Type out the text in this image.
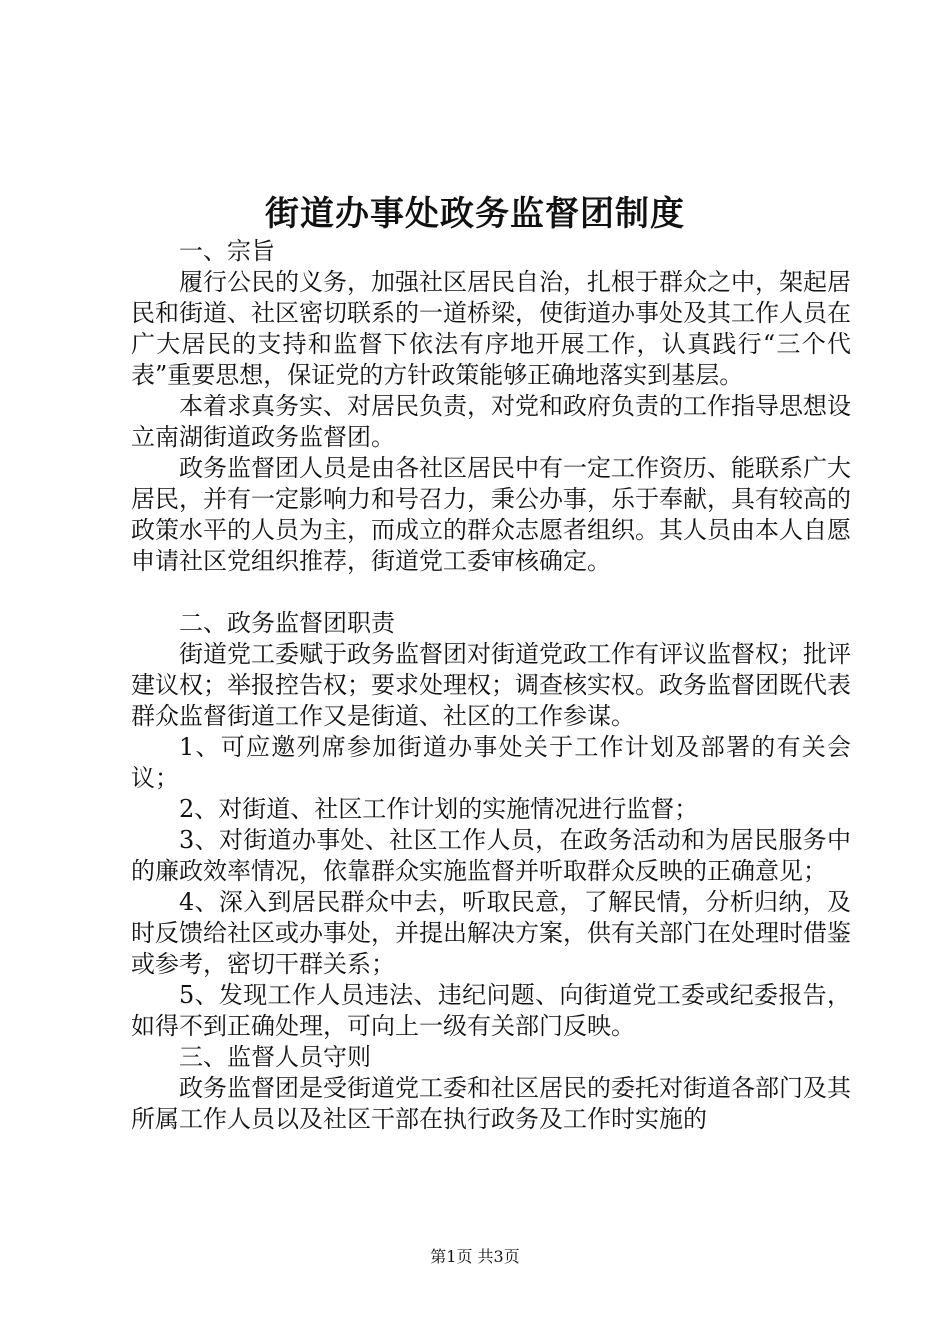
街道办事处政务监督团制度

一、宗旨

履行公民的义务，加强社区居民自治，扎根于群众之中，架起居民和街道、社区密切联系的一道桥梁，使街道办事处及其工作人员在广大居民的支持和监督下依法有序地开展工作，认真践行“三个代表”重要思想，保证党的方针政策能够正确地落实到基层。

本着求真务实、对居民负责，对党和政府负责的工作指导思想设立南湖街道政务监督团。

政务监督团人员是由各社区居民中有一定工作资历、能联系广大居民，并有一定影响力和号召力，秉公办事，乐于奉献，具有较高的政策水平的人员为主，而成立的群众志愿者组织。其人员由本人自愿申请社区党组织推荐，街道党工委审核确定。

二、政务监督团职责

街道党工委赋于政务监督团对街道党政工作有评议监督权；批评建议权；举报控告权；要求处理权；调查核实权。政务监督团既代表群众监督街道工作又是街道、社区的工作参谋。

1、可应邀列席参加街道办事处关于工作计划及部署的有关会议；

2、对街道、社区工作计划的实施情况进行监督；

3、对街道办事处、社区工作人员，在政务活动和为居民服务中的廉政效率情况，依靠群众实施监督并听取群众反映的正确意见；

4、深入到居民群众中去，听取民意，了解民情，分析归纳，及时反馈给社区或办事处，并提出解决方案，供有关部门在处理时借鉴或参考，密切干群关系；

5、发现工作人员违法、违纪问题、向街道党工委或纪委报告，如得不到正确处理，可向上一级有关部门反映。

三、监督人员守则

政务监督团是受街道党工委和社区居民的委托对街道各部门及其所属工作人员以及社区干部在执行政务及工作时实施的

第1页 共3页
